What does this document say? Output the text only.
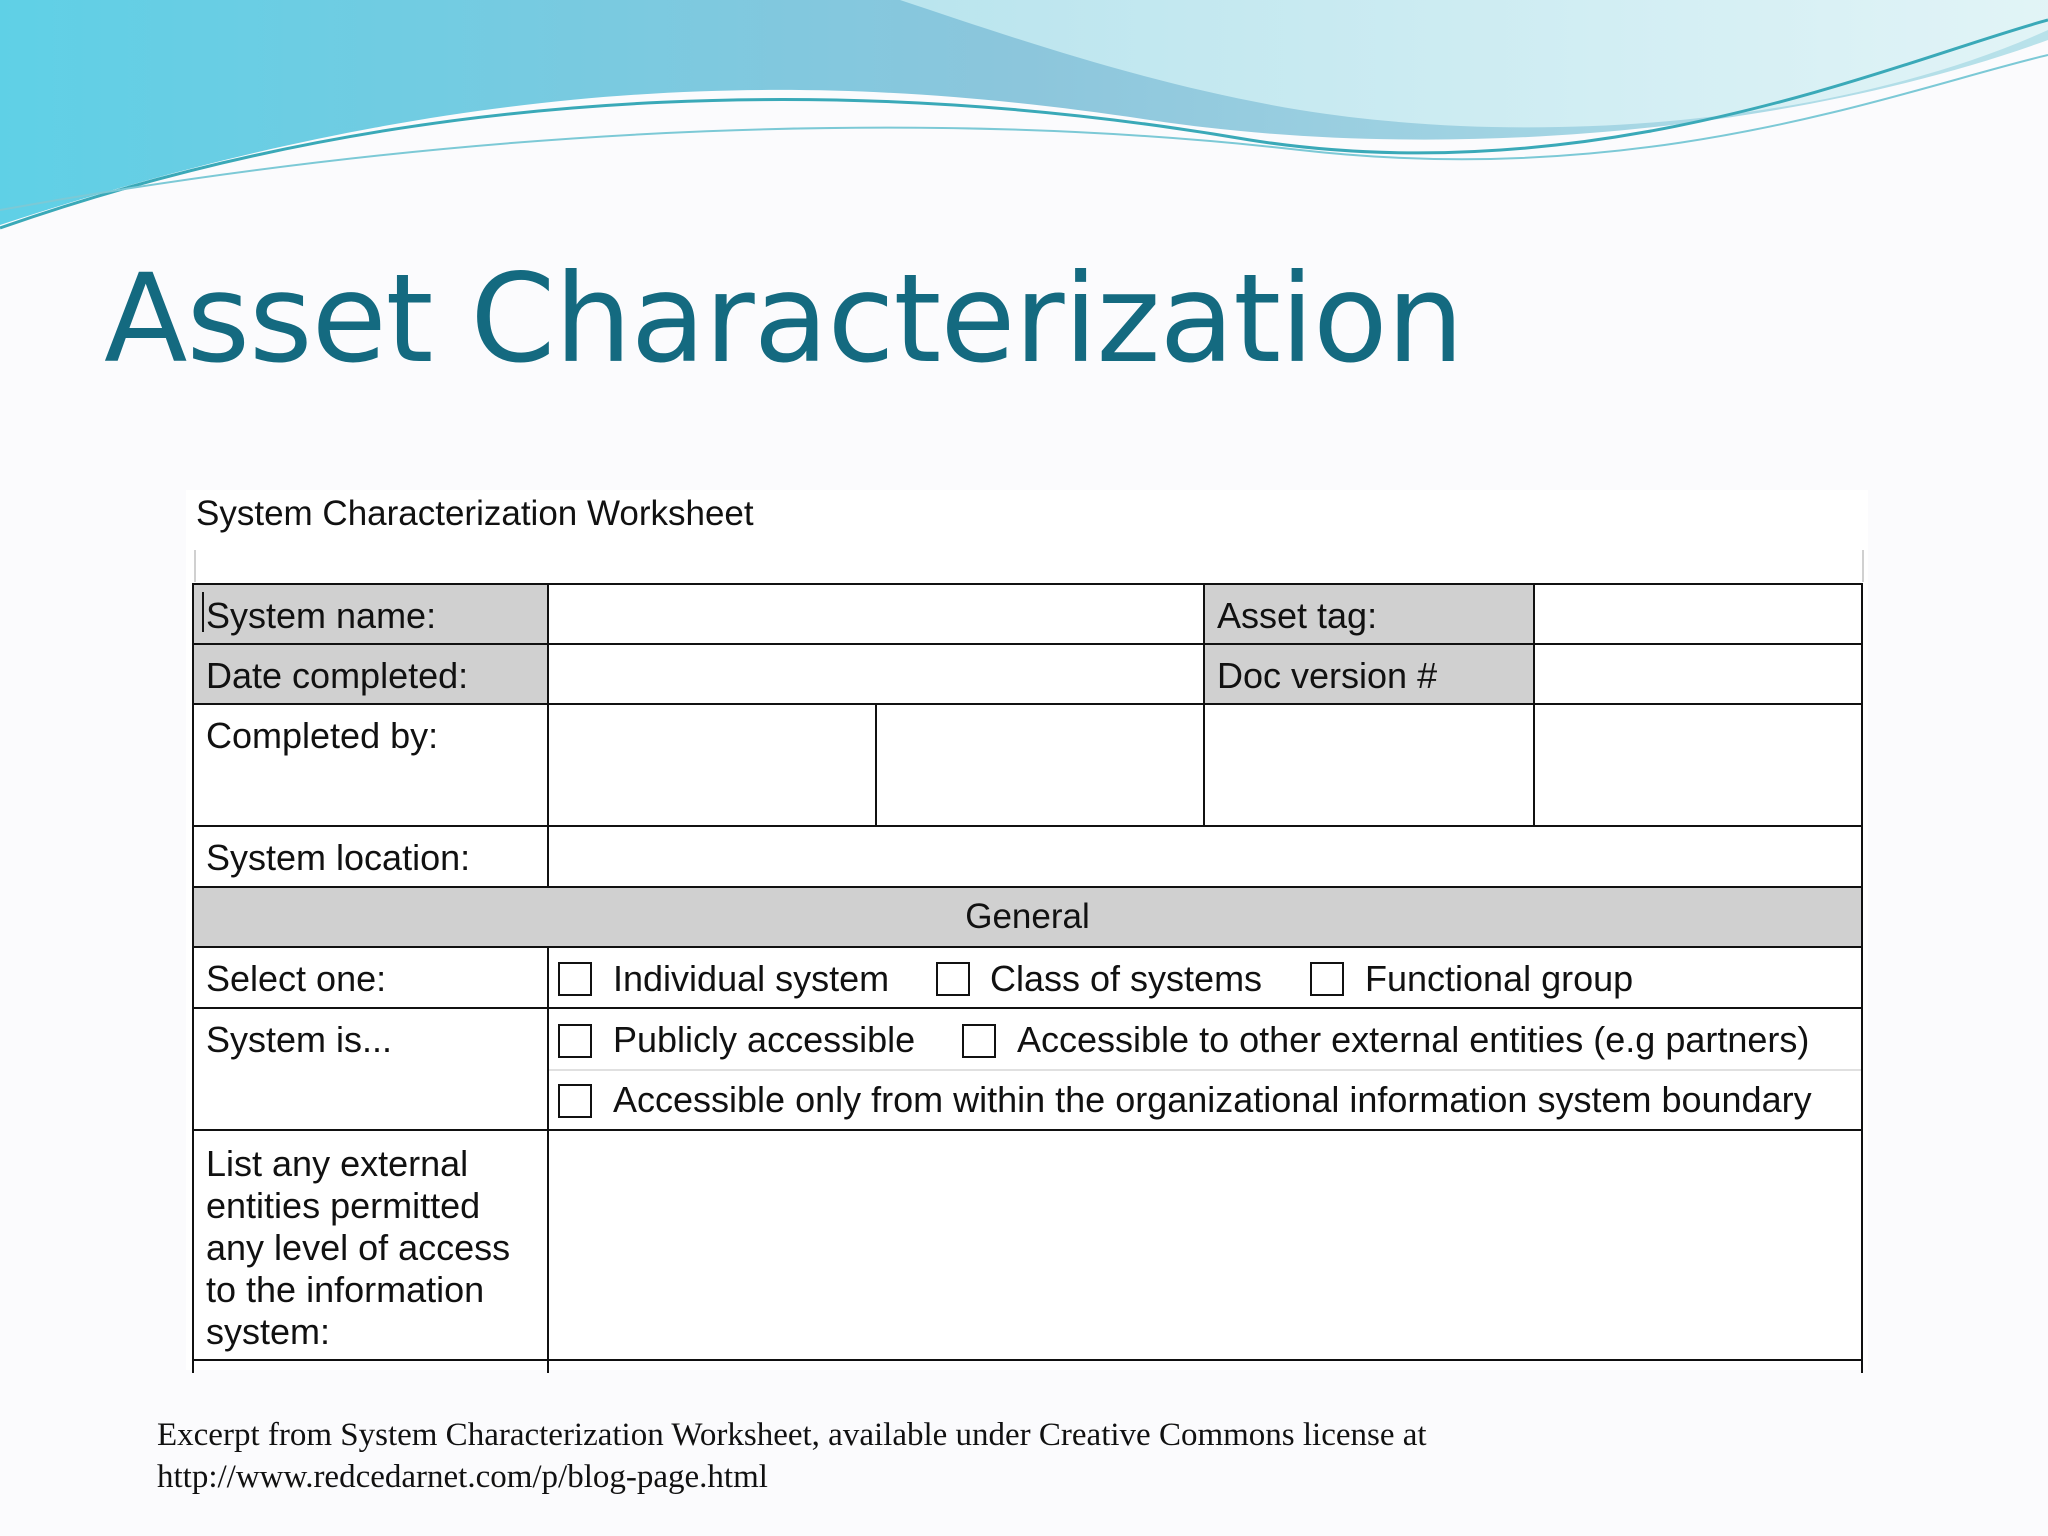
Asset Characterization
System Characterization Worksheet
System name:	Asset tag:
Date completed:	Doc version #
Completed by:
System location:
General
Select one:	Individual system	Class of systems	Functional group
System is...	Publicly accessible	Accessible to other external entities (e.g partners)
Accessible only from within the organizational information system boundary
List any external entities permitted any level of access to the information system:
Excerpt from System Characterization Worksheet, available under Creative Commons license at
http://www.redcedarnet.com/p/blog-page.html
